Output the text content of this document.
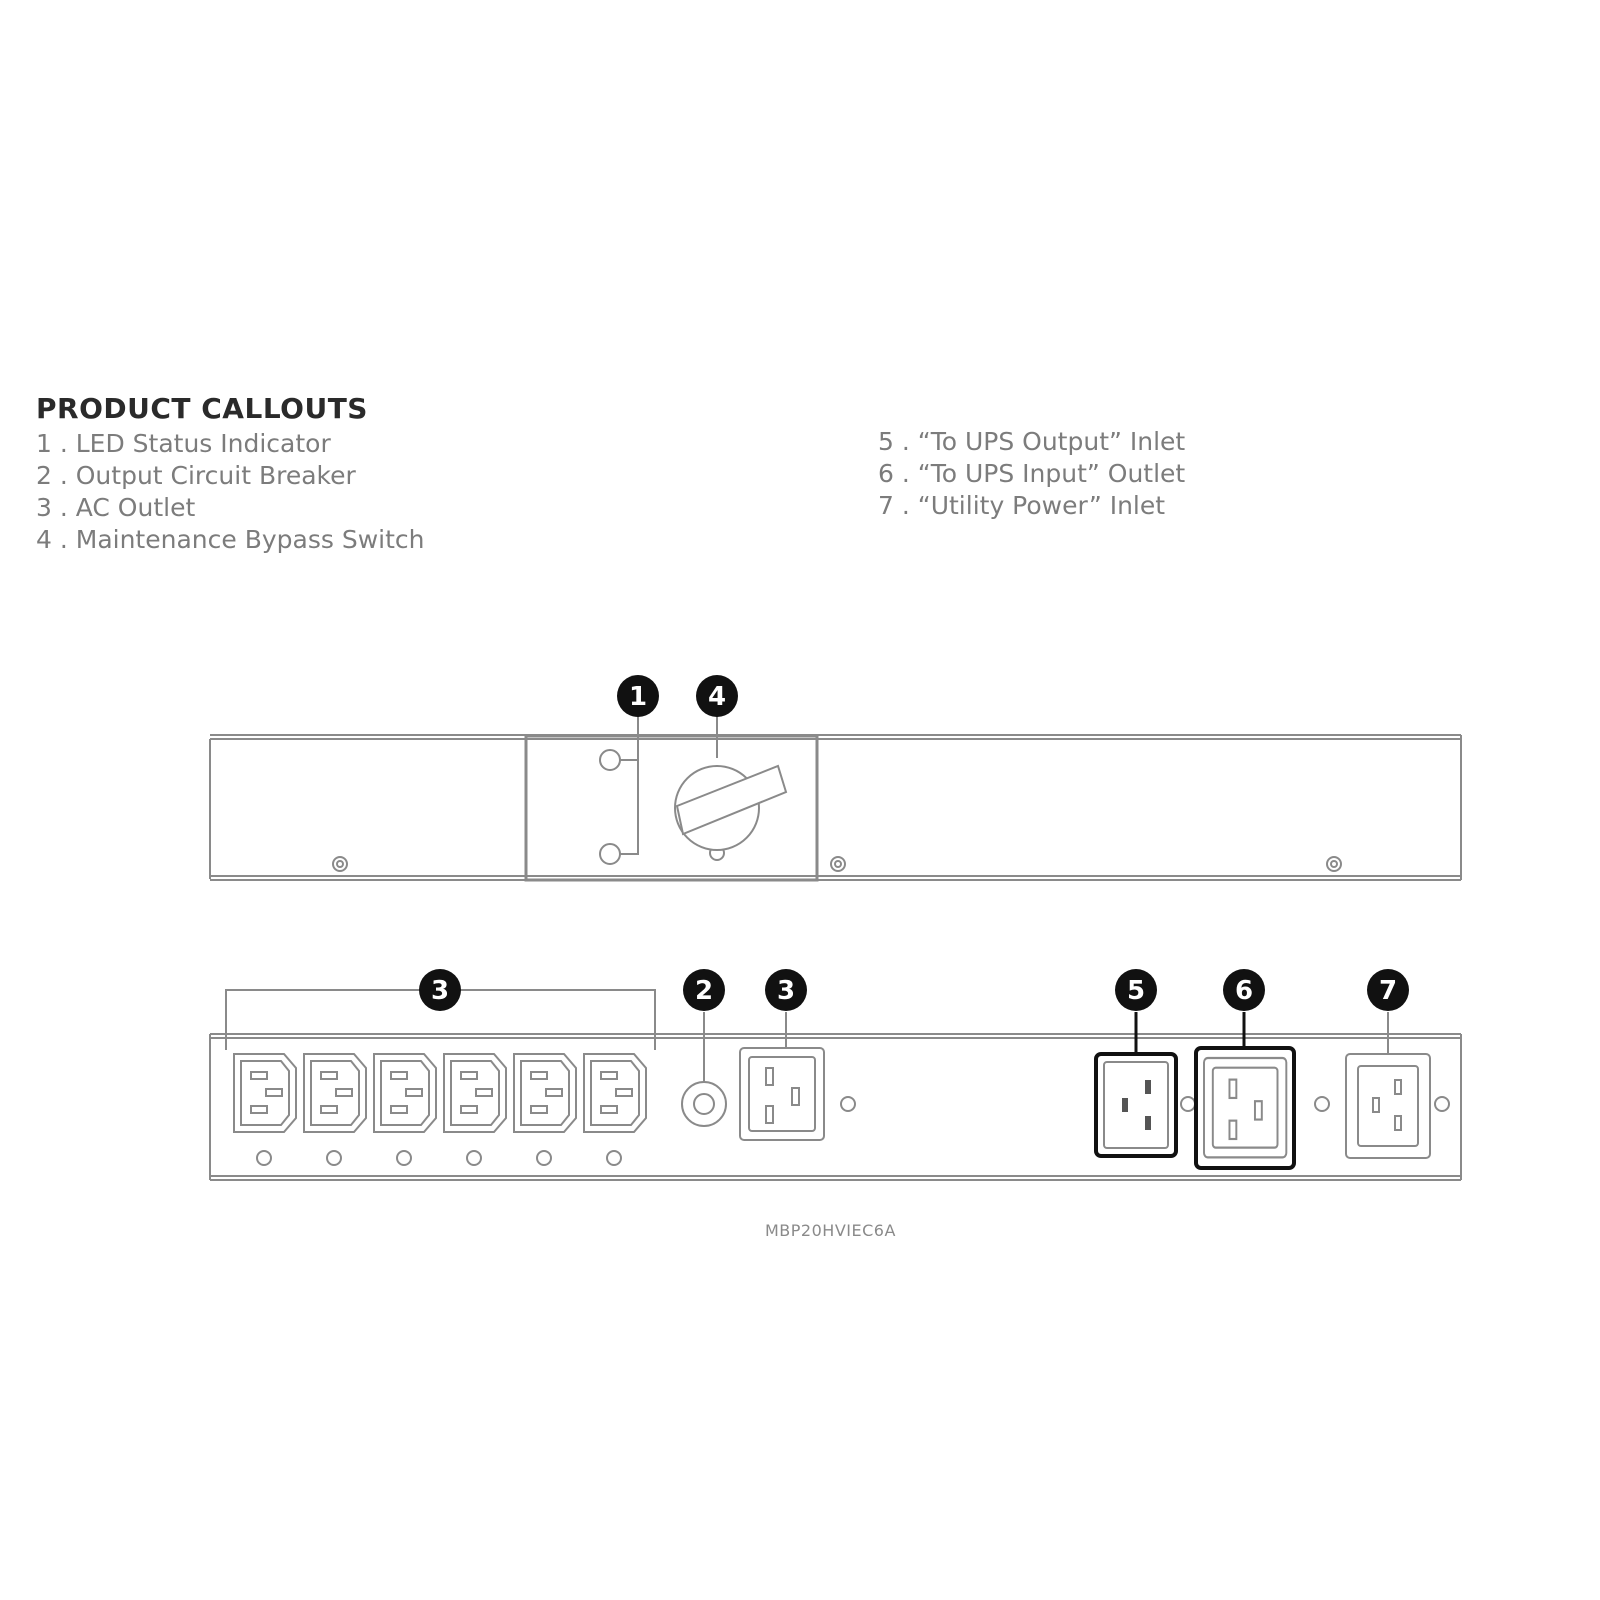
PRODUCT CALLOUTS
1 . LED Status Indicator
2 . Output Circuit Breaker
3 . AC Outlet
4 . Maintenance Bypass Switch
5 . “To UPS Output” Inlet
6 . “To UPS Input” Outlet
7 . “Utility Power” Inlet
1 4
3	2 3	5	6	7
MBP20HVIEC6A
